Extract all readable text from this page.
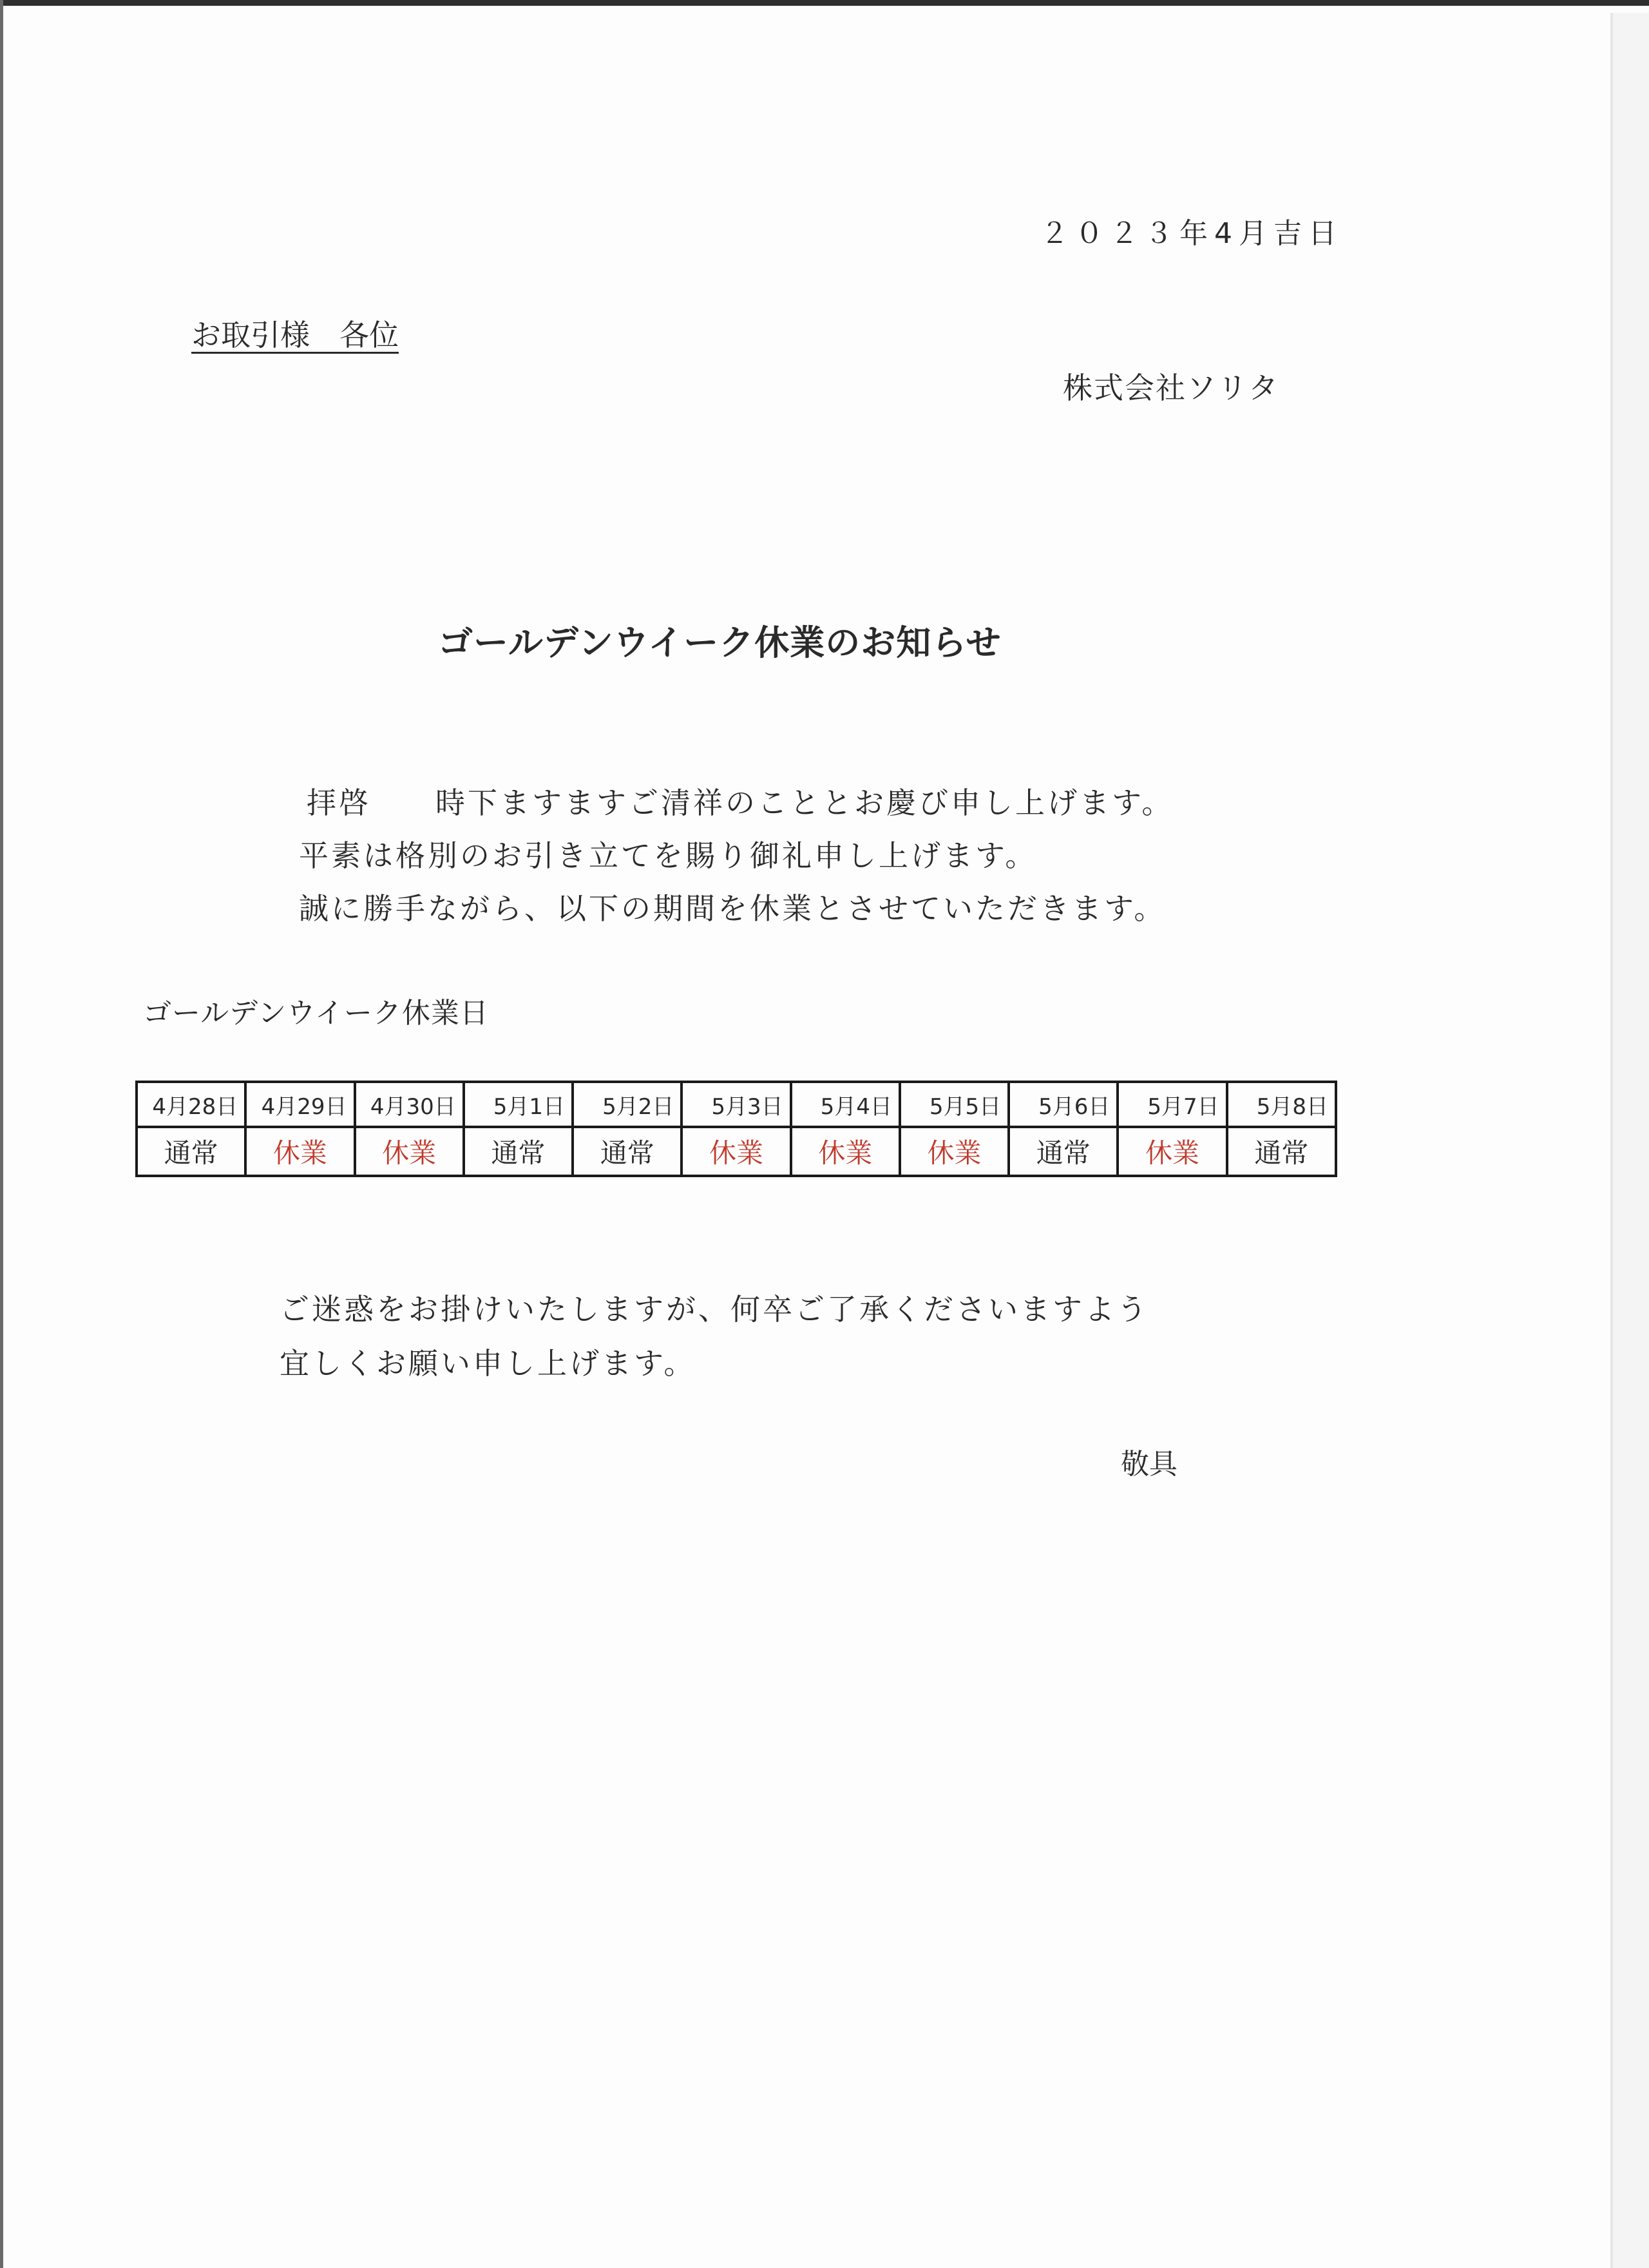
２０２３年4月吉日
お取引様　各位
株式会社ソリタ
ゴールデンウイーク休業のお知らせ
拝啓　　時下ますますご清祥のこととお慶び申し上げます。
平素は格別のお引き立てを賜り御礼申し上げます。
誠に勝手ながら、以下の期間を休業とさせていただきます。
ゴールデンウイーク休業日
4月28日	4月29日	4月30日	5月1日	5月2日	5月3日	5月4日	5月5日	5月6日	5月7日	5月8日
通常	休業	休業	通常	通常	休業	休業	休業	通常	休業	通常
ご迷惑をお掛けいたしますが、何卒ご了承くださいますよう
宜しくお願い申し上げます。
敬具
